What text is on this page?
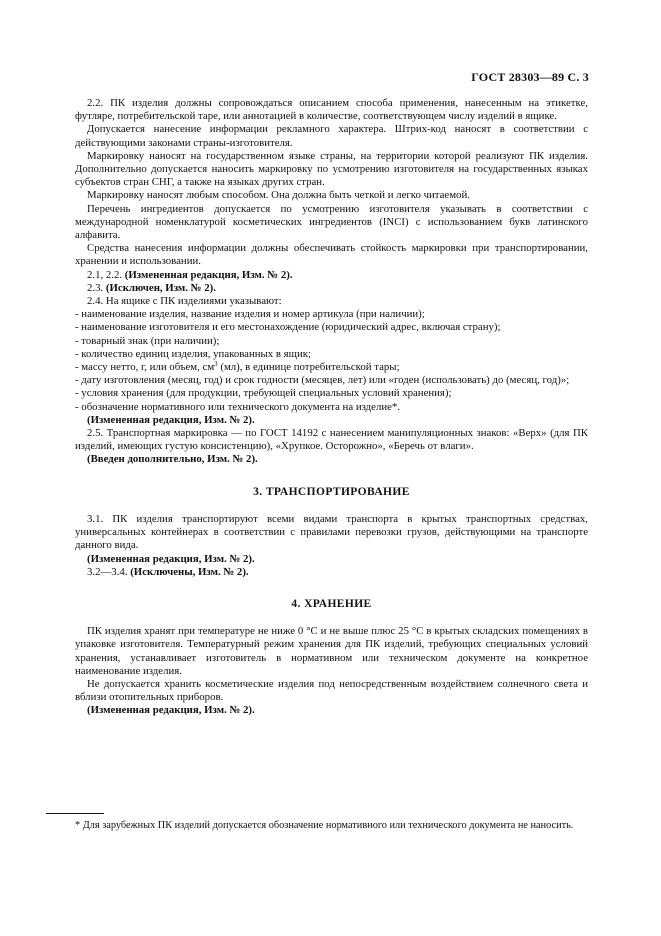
ГОСТ 28303—89 С. 3

2.2. ПК изделия должны сопровождаться описанием способа применения, нанесенным на этикетке, футляре, потребительской таре, или аннотацией в количестве, соответствующем числу изделий в ящике.

Допускается нанесение информации рекламного характера. Штрих-код наносят в соответствии с действующими законами страны-изготовителя.

Маркировку наносят на государственном языке страны, на территории которой реализуют ПК изделия. Дополнительно допускается наносить маркировку по усмотрению изготовителя на государственных языках субъектов стран СНГ, а также на языках других стран.

Маркировку наносят любым способом. Она должна быть четкой и легко читаемой.

Перечень ингредиентов допускается по усмотрению изготовителя указывать в соответствии с международной номенклатурой косметических ингредиентов (INCI) с использованием букв латинского алфавита.

Средства нанесения информации должны обеспечивать стойкость маркировки при транспортировании, хранении и использовании.

2.1, 2.2. (Измененная редакция, Изм. № 2).

2.3. (Исключен, Изм. № 2).

2.4. На ящике с ПК изделиями указывают:

- наименование изделия, название изделия и номер артикула (при наличии);

- наименование изготовителя и его местонахождение (юридический адрес, включая страну);

- товарный знак (при наличии);

- количество единиц изделия, упакованных в ящик;

- массу нетто, г, или объем, $см^3$ (мл), в единице потребительской тары;

- дату изготовления (месяц, год) и срок годности (месяцев, лет) или «годен (использовать) до (месяц, год)»;

- условия хранения (для продукции, требующей специальных условий хранения);

- обозначение нормативного или технического документа на изделие*.

(Измененная редакция, Изм. № 2).

2.5. Транспортная маркировка — по ГОСТ 14192 с нанесением манипуляционных знаков: «Верх» (для ПК изделий, имеющих густую консистенцию), «Хрупкое. Осторожно», «Беречь от влаги».

(Введен дополнительно, Изм. № 2).

3. ТРАНСПОРТИРОВАНИЕ

3.1. ПК изделия транспортируют всеми видами транспорта в крытых транспортных средствах, универсальных контейнерах в соответствии с правилами перевозки грузов, действующими на транспорте данного вида.

(Измененная редакция, Изм. № 2).

3.2—3.4. (Исключены, Изм. № 2).

4. ХРАНЕНИЕ

ПК изделия хранят при температуре не ниже 0 °С и не выше плюс 25 °С в крытых складских помещениях в упаковке изготовителя. Температурный режим хранения для ПК изделий, требующих специальных условий хранения, устанавливает изготовитель в нормативном или техническом документе на конкретное наименование изделия.

Не допускается хранить косметические изделия под непосредственным воздействием солнечного света и вблизи отопительных приборов.

(Измененная редакция, Изм. № 2).

* Для зарубежных ПК изделий допускается обозначение нормативного или технического документа не наносить.
